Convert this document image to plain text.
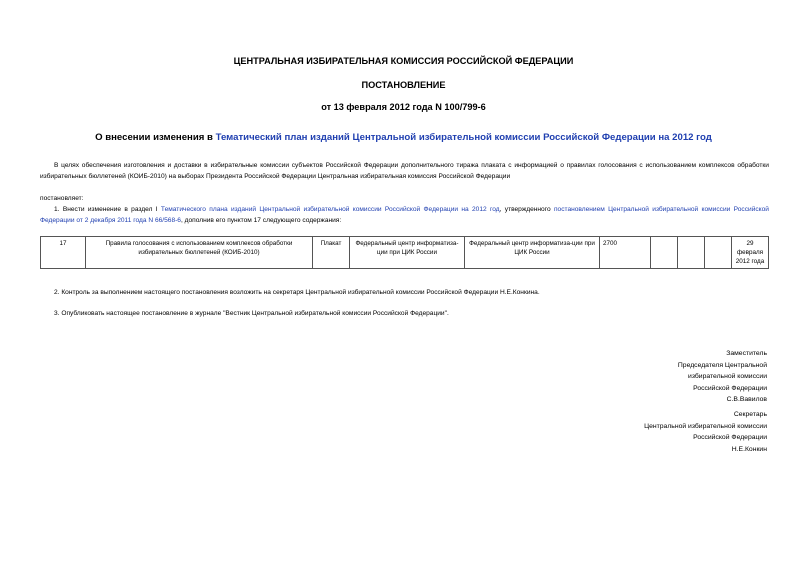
ЦЕНТРАЛЬНАЯ ИЗБИРАТЕЛЬНАЯ КОМИССИЯ РОССИЙСКОЙ ФЕДЕРАЦИИ
ПОСТАНОВЛЕНИЕ
от 13 февраля 2012 года N 100/799-6
О внесении изменения в Тематический план изданий Центральной избирательной комиссии Российской Федерации на 2012 год
В целях обеспечения изготовления и доставки в избирательные комиссии субъектов Российской Федерации дополнительного тиража плаката с информацией о правилах голосования с использованием комплексов обработки избирательных бюллетеней (КОИБ-2010) на выборах Президента Российской Федерации Центральная избирательная комиссия Российской Федерации
постановляет:
1. Внести изменение в раздел I Тематического плана изданий Центральной избирательной комиссии Российской Федерации на 2012 год, утвержденного постановлением Центральной избирательной комиссии Российской Федерации от 2 декабря 2011 года N 66/568-6, дополнив его пунктом 17 следующего содержания:
17	Правила голосования с использованием комплексов обработки избирательных бюллетеней (КОИБ-2010)	Плакат	Федеральный центр информатиза-ции при ЦИК России	Федеральный центр информатиза-ции при ЦИК России	2700				29 февраля 2012 года
2. Контроль за выполнением настоящего постановления возложить на секретаря Центральной избирательной комиссии Российской Федерации Н.Е.Конкина.
3. Опубликовать настоящее постановление в журнале "Вестник Центральной избирательной комиссии Российской Федерации".
Заместитель
Председателя Центральной
избирательной комиссии
Российской Федерации
С.В.Вавилов
Секретарь
Центральной избирательной комиссии
Российской Федерации
Н.Е.Конкин
